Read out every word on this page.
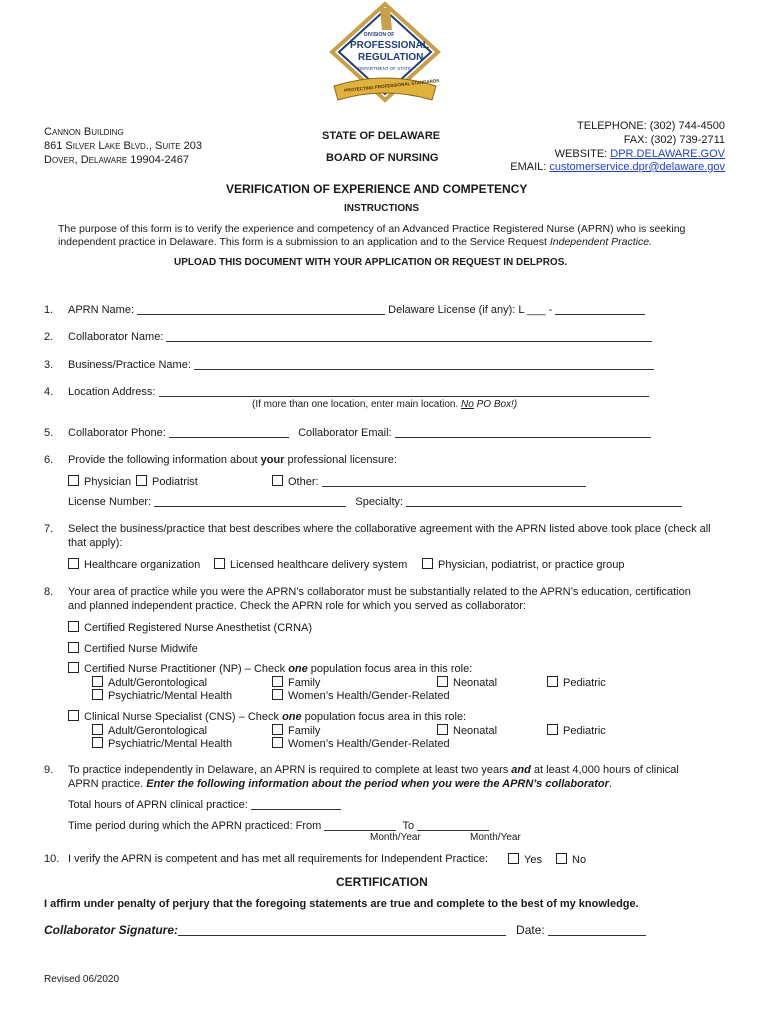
DIVISION OF
PROFESSIONAL
REGULATION
DEPARTMENT OF STATE
PROTECTING PROFESSIONAL STANDARDS
Cannon Building
861 Silver Lake Blvd., Suite 203
Dover, Delaware 19904-2467
STATE OF DELAWARE
BOARD OF NURSING
TELEPHONE: (302) 744-4500
FAX: (302) 739-2711
WEBSITE: DPR.DELAWARE.GOV
EMAIL: customerservice.dpr@delaware.gov
VERIFICATION OF EXPERIENCE AND COMPETENCY
INSTRUCTIONS
The purpose of this form is to verify the experience and competency of an Advanced Practice Registered Nurse (APRN) who is seeking
independent practice in Delaware. This form is a submission to an application and to the Service Request Independent Practice.
UPLOAD THIS DOCUMENT WITH YOUR APPLICATION OR REQUEST IN DELPROS.
1. APRN Name:	Delaware License (if any): L ___ -
2. Collaborator Name:
3. Business/Practice Name:
4. Location Address:
(If more than one location, enter main location. No PO Box!)
5. Collaborator Phone:	Collaborator Email:
6. Provide the following information about your professional licensure:
Physician	Podiatrist	Other:
License Number:	Specialty:
7. Select the business/practice that best describes where the collaborative agreement with the APRN listed above took place (check all
that apply):
Healthcare organization	Licensed healthcare delivery system	Physician, podiatrist, or practice group
8. Your area of practice while you were the APRN’s collaborator must be substantially related to the APRN’s education, certification
and planned independent practice. Check the APRN role for which you served as collaborator:
Certified Registered Nurse Anesthetist (CRNA)
Certified Nurse Midwife
Certified Nurse Practitioner (NP) – Check one population focus area in this role:
Adult/Gerontological	Family	Neonatal	Pediatric
Psychiatric/Mental Health	Women’s Health/Gender-Related
Clinical Nurse Specialist (CNS) – Check one population focus area in this role:
Adult/Gerontological	Family	Neonatal	Pediatric
Psychiatric/Mental Health	Women’s Health/Gender-Related
9. To practice independently in Delaware, an APRN is required to complete at least two years and at least 4,000 hours of clinical
APRN practice. Enter the following information about the period when you were the APRN’s collaborator.
Total hours of APRN clinical practice:
Time period during which the APRN practiced: From	To
Month/Year	Month/Year
10. I verify the APRN is competent and has met all requirements for Independent Practice:	Yes	No
CERTIFICATION
I affirm under penalty of perjury that the foregoing statements are true and complete to the best of my knowledge.
Collaborator Signature:	Date:
Revised 06/2020
